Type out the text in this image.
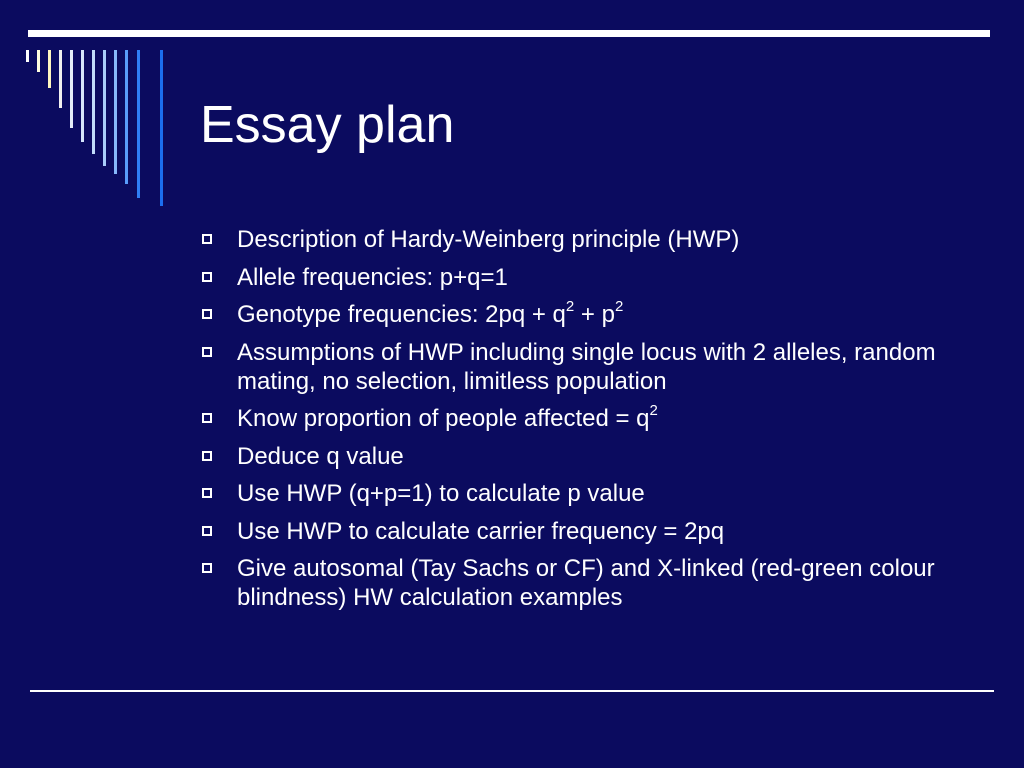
Essay plan
Description of Hardy-Weinberg principle (HWP)
Allele frequencies: p+q=1
Genotype frequencies: $2pq + q^2 + p^2$
Assumptions of HWP including single locus with 2 alleles, random mating, no selection, limitless population
Know proportion of people affected = $q^2$
Deduce q value
Use HWP (q+p=1) to calculate p value
Use HWP to calculate carrier frequency = 2pq
Give autosomal (Tay Sachs or CF) and X-linked (red-green colour blindness) HW calculation examples
